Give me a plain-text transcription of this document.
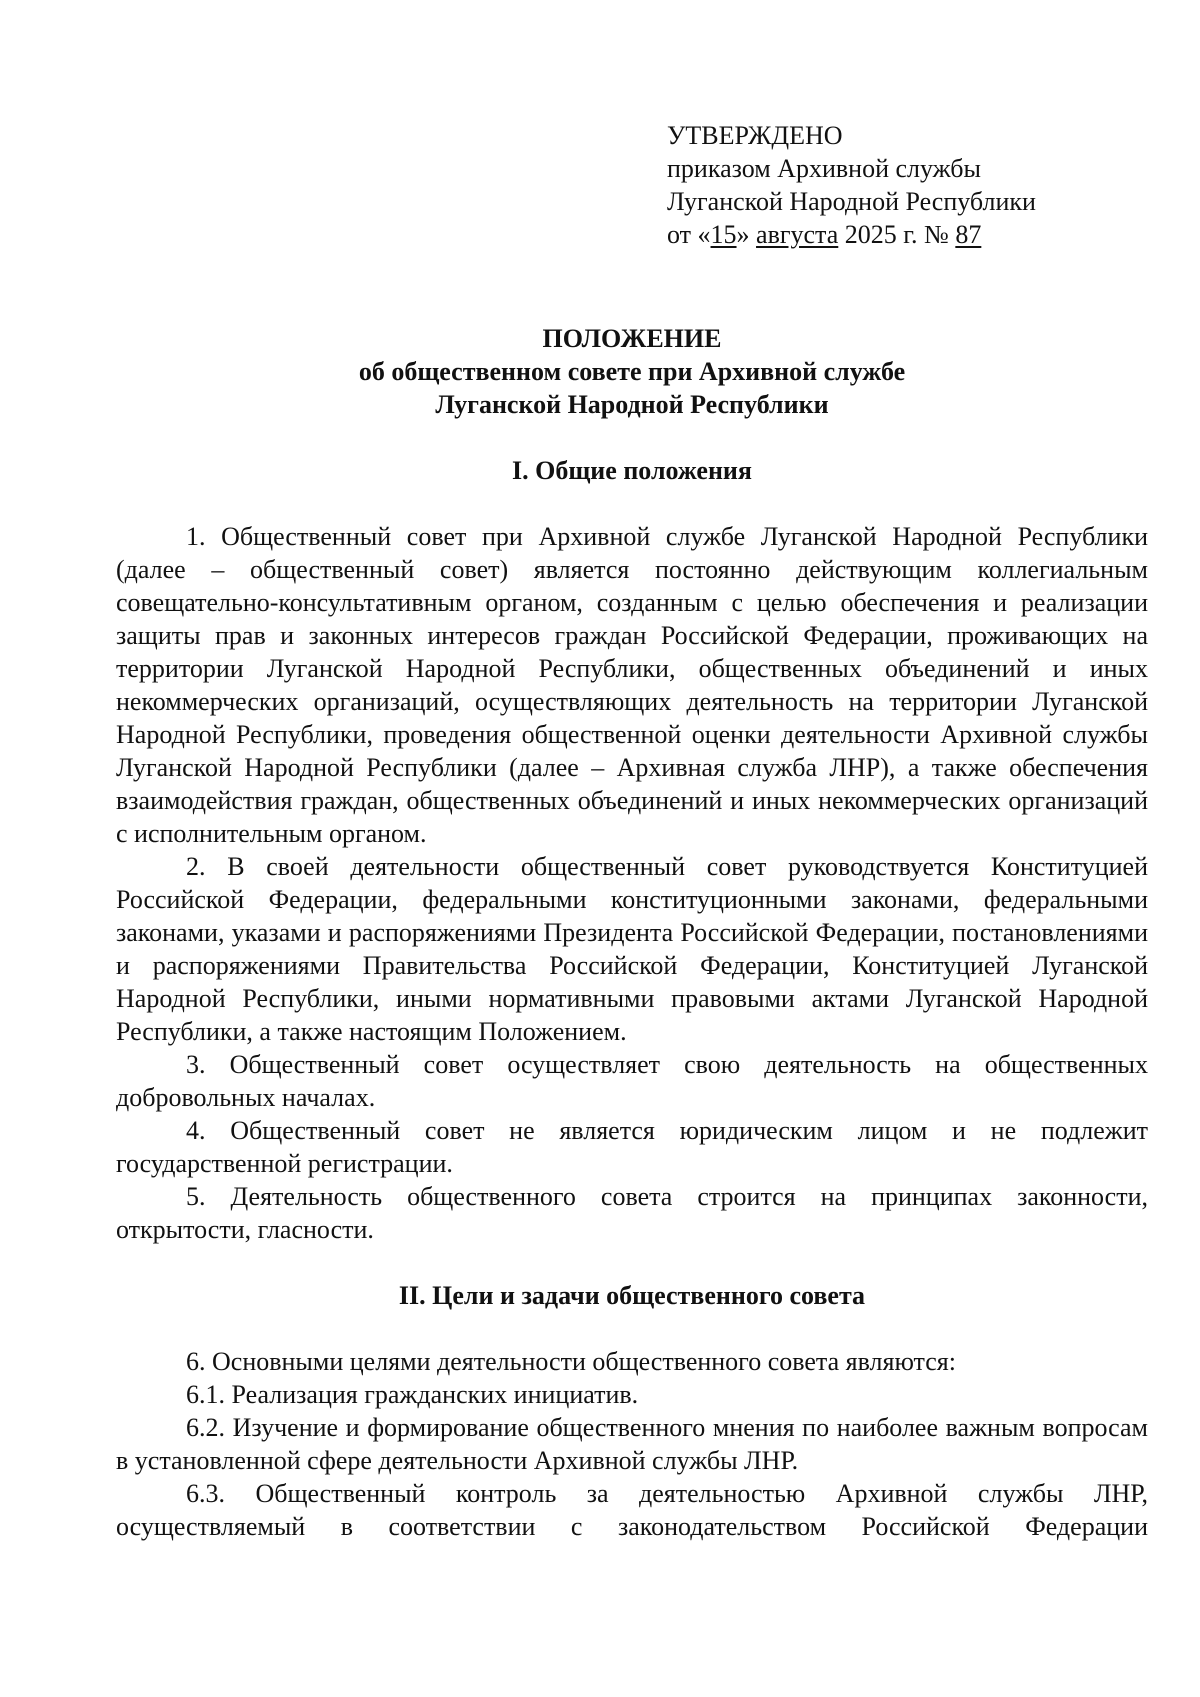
УТВЕРЖДЕНО
приказом Архивной службы
Луганской Народной Республики
от «15» августа 2025 г. № 87
ПОЛОЖЕНИЕ
об общественном совете при Архивной службе
Луганской Народной Республики
I. Общие положения

1. Общественный совет при Архивной службе Луганской Народной Республики (далее – общественный совет) является постоянно действующим коллегиальным совещательно-консультативным органом, созданным с целью обеспечения и реализации защиты прав и законных интересов граждан Российской Федерации, проживающих на территории Луганской Народной Республики, общественных объединений и иных некоммерческих организаций, осуществляющих деятельность на территории Луганской Народной Республики, проведения общественной оценки деятельности Архивной службы Луганской Народной Республики (далее – Архивная служба ЛНР), а также обеспечения взаимодействия граждан, общественных объединений и иных некоммерческих организаций с исполнительным органом.

2. В своей деятельности общественный совет руководствуется Конституцией Российской Федерации, федеральными конституционными законами, федеральными законами, указами и распоряжениями Президента Российской Федерации, постановлениями и распоряжениями Правительства Российской Федерации, Конституцией Луганской Народной Республики, иными нормативными правовыми актами Луганской Народной Республики, а также настоящим Положением.

3. Общественный совет осуществляет свою деятельность на общественных добровольных началах.

4. Общественный совет не является юридическим лицом и не подлежит государственной регистрации.

5. Деятельность общественного совета строится на принципах законности, открытости, гласности.

II. Цели и задачи общественного совета

6. Основными целями деятельности общественного совета являются:

6.1. Реализация гражданских инициатив.

6.2. Изучение и формирование общественного мнения по наиболее важным вопросам в установленной сфере деятельности Архивной службы ЛНР.

6.3. Общественный контроль за деятельностью Архивной службы ЛНР, осуществляемый в соответствии с законодательством Российской Федерации
